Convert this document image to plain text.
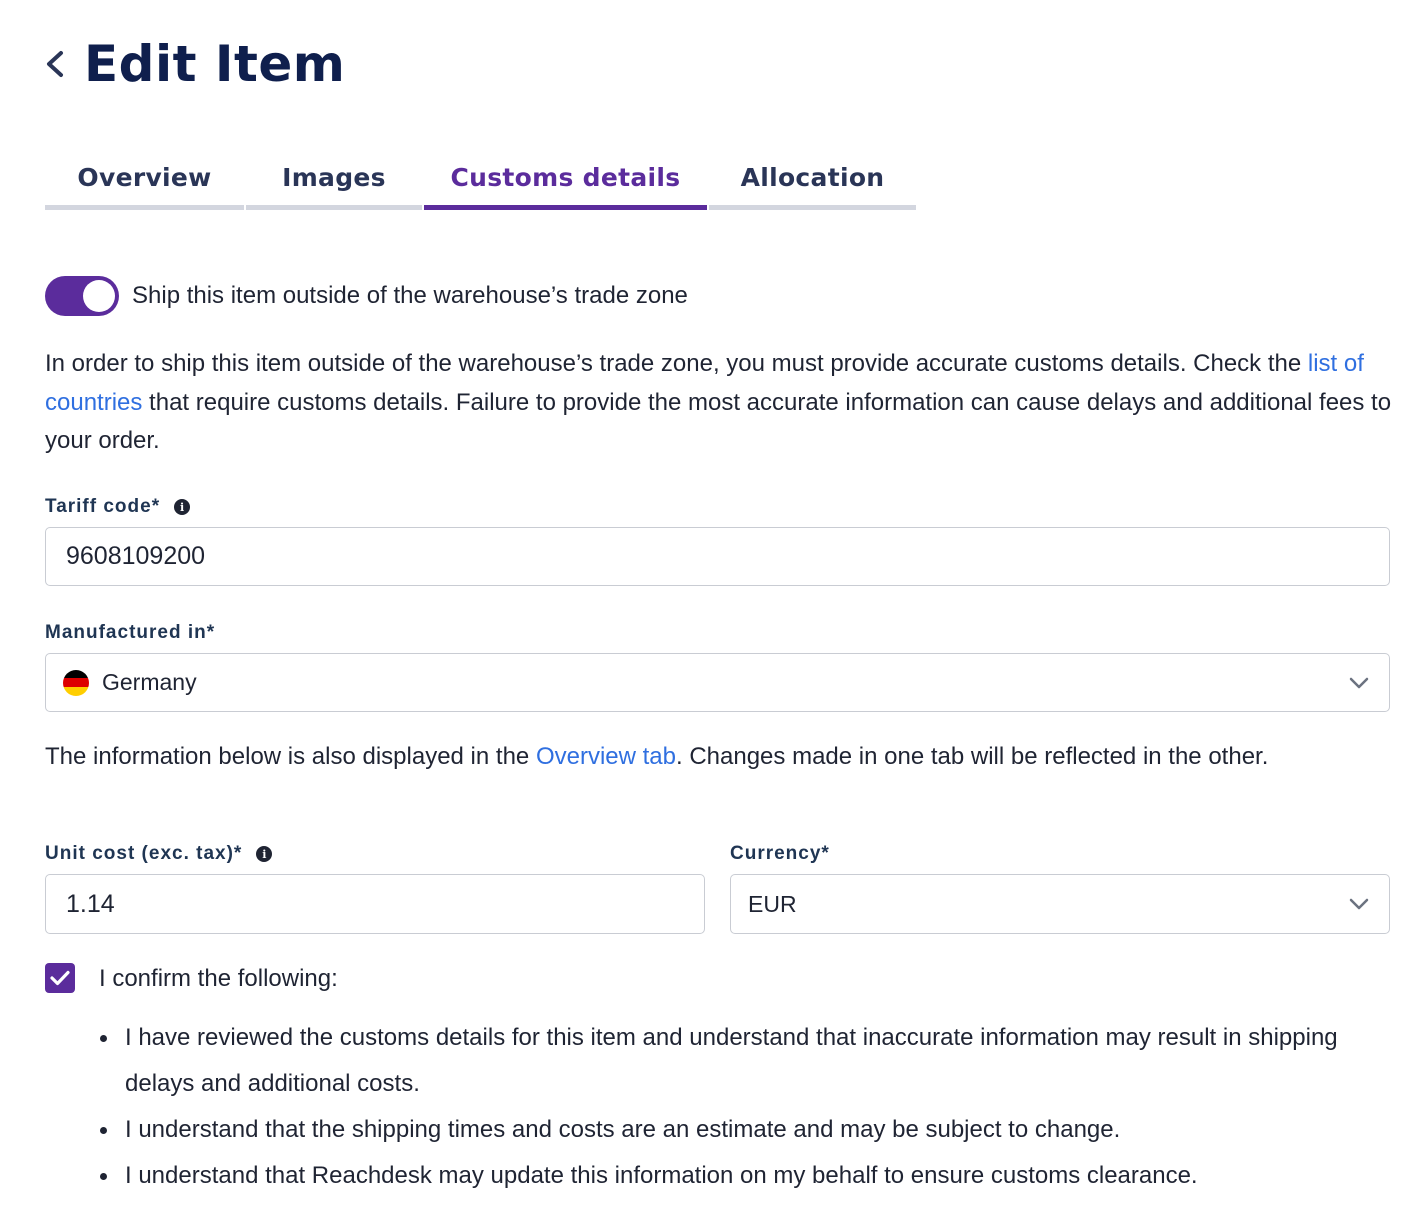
Edit Item
Overview	Images	Customs details	Allocation
Ship this item outside of the warehouse’s trade zone

In order to ship this item outside of the warehouse’s trade zone, you must provide accurate customs details. Check the list of countries that require customs details. Failure to provide the most accurate information can cause delays and additional fees to your order.

Tariff code*	i
9608109200
Manufactured in*
Germany

The information below is also displayed in the Overview tab. Changes made in one tab will be reflected in the other.

Unit cost (exc. tax)*	i
1.14
Currency*
EUR
I confirm the following:
I have reviewed the customs details for this item and understand that inaccurate information may result in shipping delays and additional costs.
I understand that the shipping times and costs are an estimate and may be subject to change.
I understand that Reachdesk may update this information on my behalf to ensure customs clearance.
